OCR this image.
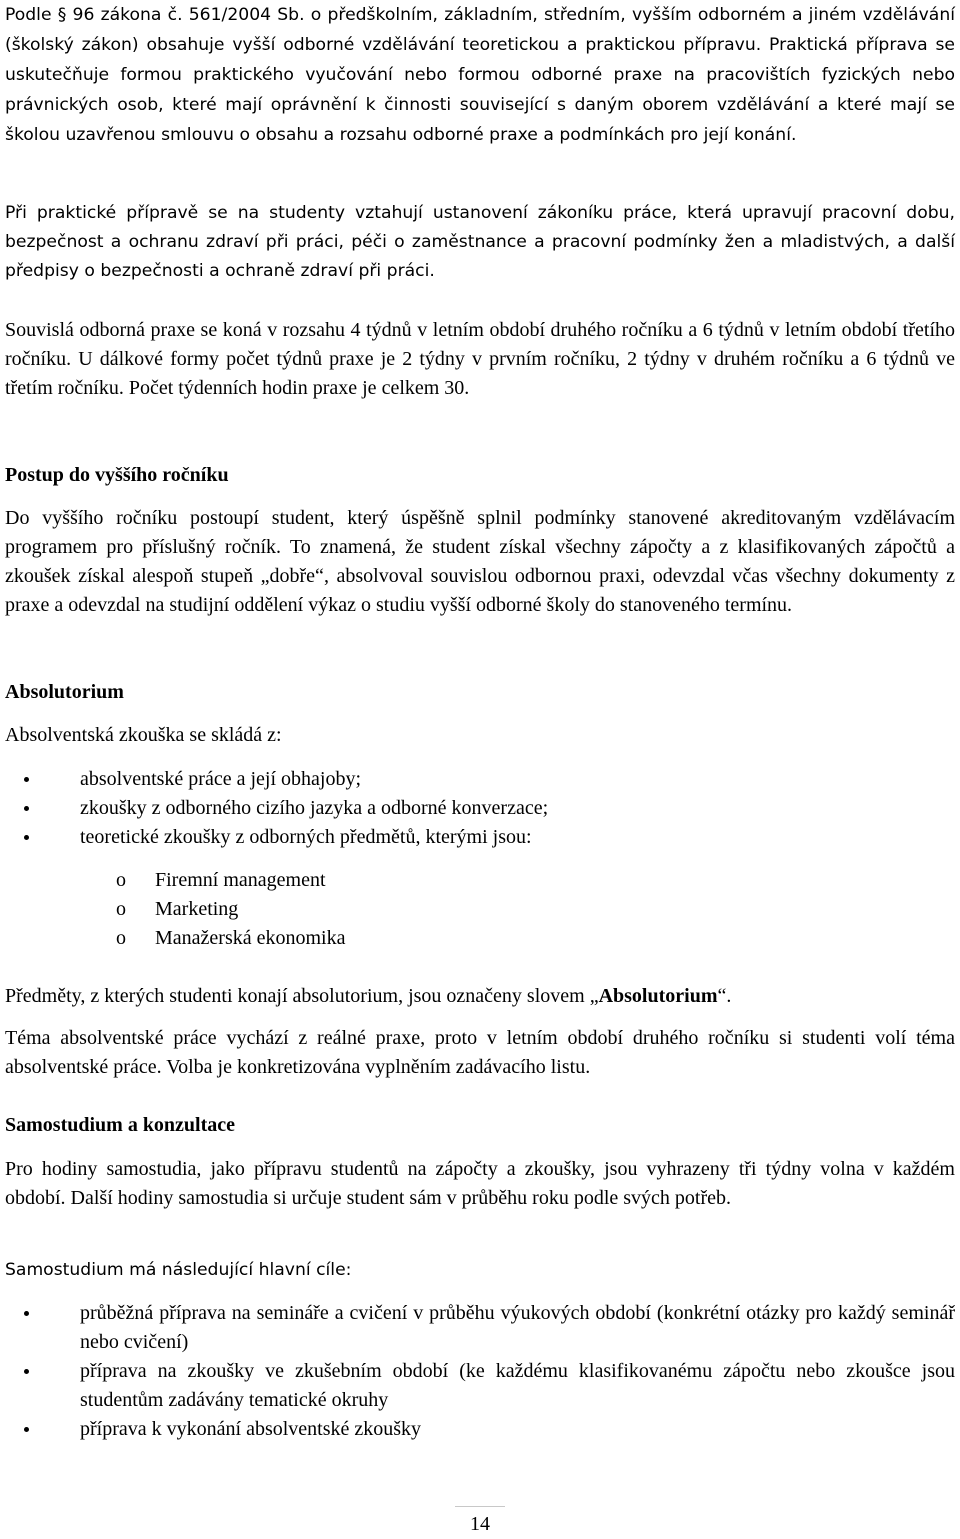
Podle § 96 zákona č. 561/2004 Sb. o předškolním, základním, středním, vyšším odborném a jiném vzdělávání (školský zákon) obsahuje vyšší odborné vzdělávání teoretickou a praktickou přípravu. Praktická příprava se uskutečňuje formou praktického vyučování nebo formou odborné praxe na pracovištích fyzických nebo právnických osob, které mají oprávnění k činnosti související s daným oborem vzdělávání a které mají se školou uzavřenou smlouvu o obsahu a rozsahu odborné praxe a podmínkách pro její konání.

Při praktické přípravě se na studenty vztahují ustanovení zákoníku práce, která upravují pracovní dobu, bezpečnost a ochranu zdraví při práci, péči o zaměstnance a pracovní podmínky žen a mladistvých, a další předpisy o bezpečnosti a ochraně zdraví při práci.

Souvislá odborná praxe se koná v rozsahu 4 týdnů v letním období druhého ročníku a 6 týdnů v letním období třetího ročníku. U dálkové formy počet týdnů praxe je 2 týdny v prvním ročníku, 2 týdny v druhém ročníku a 6 týdnů ve třetím ročníku. Počet týdenních hodin praxe je celkem 30.

Postup do vyššího ročníku

Do vyššího ročníku postoupí student, který úspěšně splnil podmínky stanovené akreditovaným vzdělávacím programem pro příslušný ročník. To znamená, že student získal všechny zápočty a z klasifikovaných zápočtů a zkoušek získal alespoň stupeň „dobře“, absolvoval souvislou odbornou praxi, odevzdal včas všechny dokumenty z praxe a odevzdal na studijní oddělení výkaz o studiu vyšší odborné školy do stanoveného termínu.

Absolutorium

Absolventská zkouška se skládá z:

absolventské práce a její obhajoby;
zkoušky z odborného cizího jazyka a odborné konverzace;
teoretické zkoušky z odborných předmětů, kterými jsou:
o Firemní management
o Marketing
o Manažerská ekonomika

Předměty, z kterých studenti konají absolutorium, jsou označeny slovem „Absolutorium“.

Téma absolventské práce vychází z reálné praxe, proto v letním období druhého ročníku si studenti volí téma absolventské práce. Volba je konkretizována vyplněním zadávacího listu.

Samostudium a konzultace

Pro hodiny samostudia, jako přípravu studentů na zápočty a zkoušky, jsou vyhrazeny tři týdny volna v každém období. Další hodiny samostudia si určuje student sám v průběhu roku podle svých potřeb.

Samostudium má následující hlavní cíle:

průběžná příprava na semináře a cvičení v průběhu výukových období (konkrétní otázky pro každý seminář nebo cvičení)
příprava na zkoušky ve zkušebním období (ke každému klasifikovanému zápočtu nebo zkoušce jsou studentům zadávány tematické okruhy
příprava k vykonání absolventské zkoušky
14
